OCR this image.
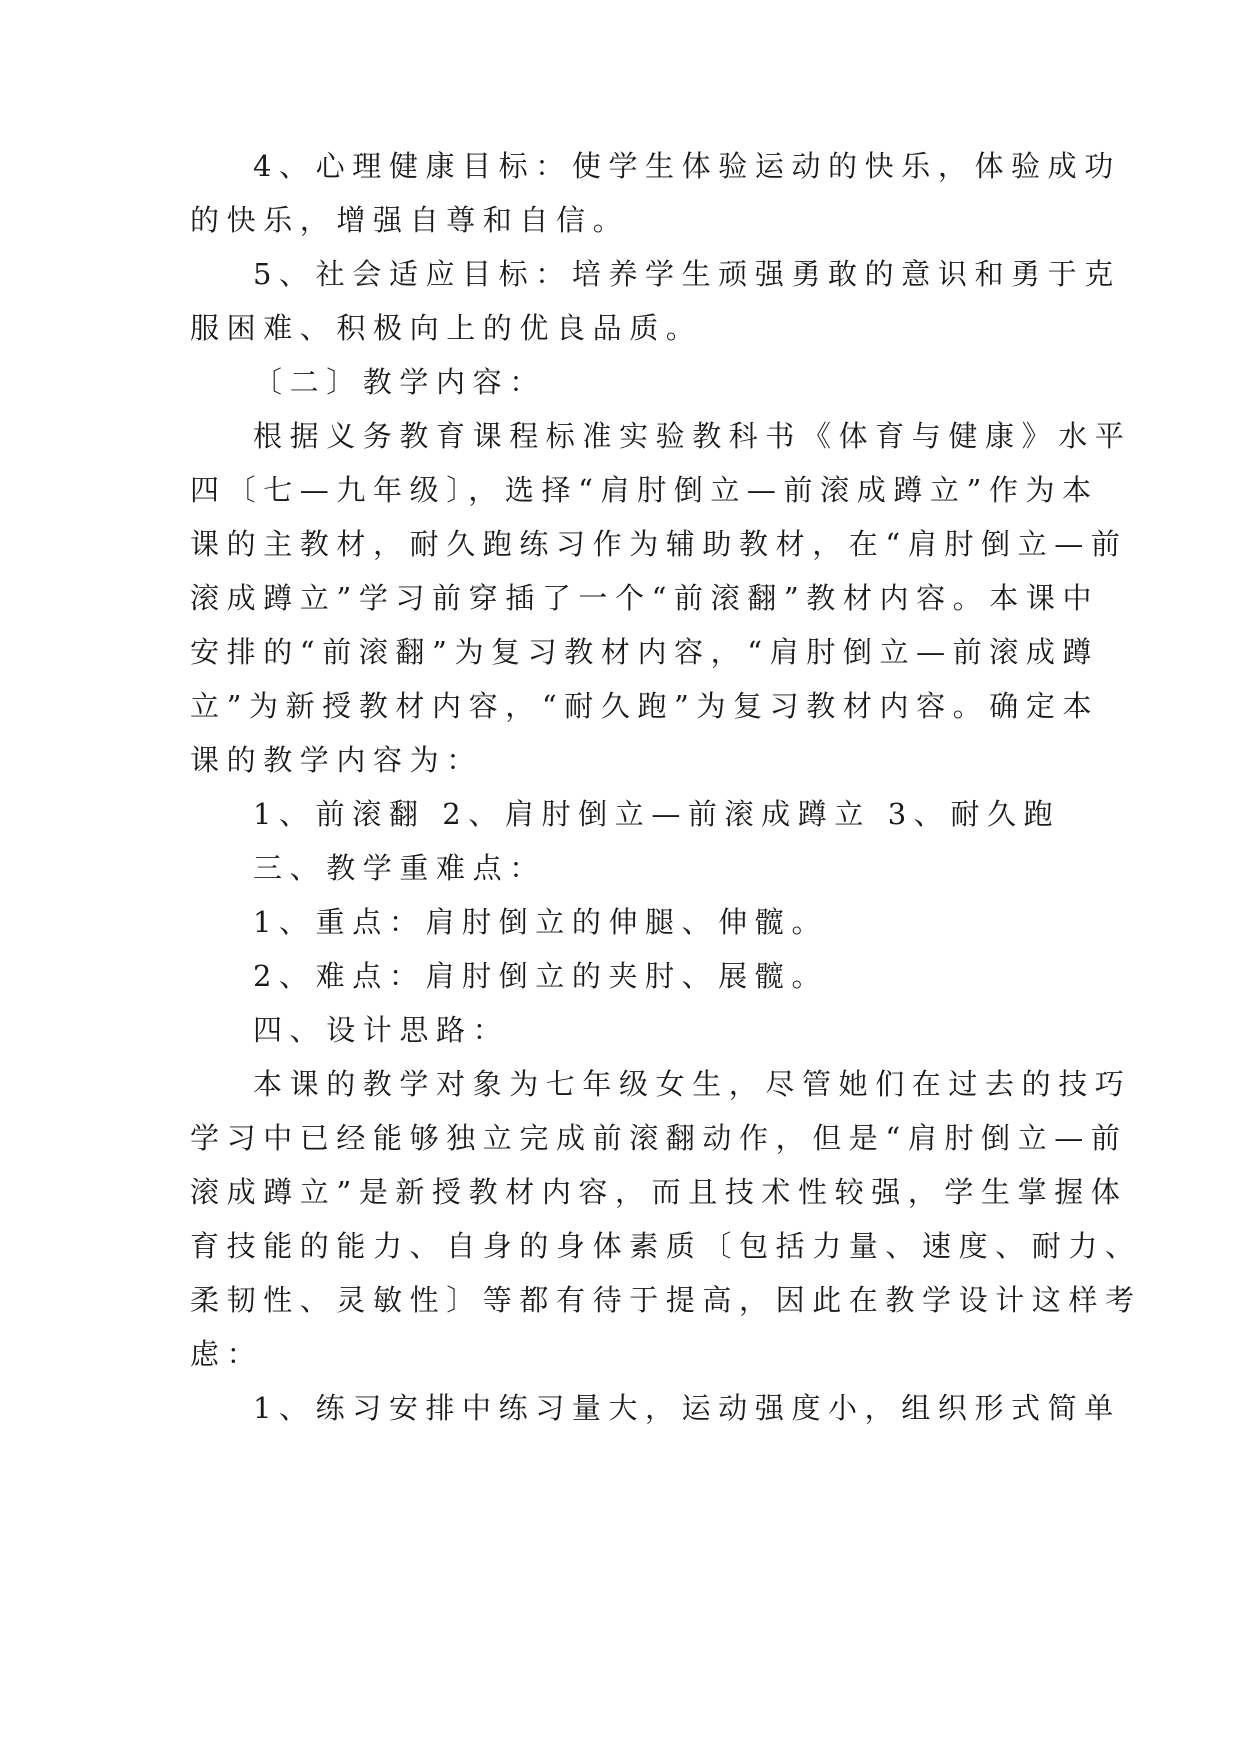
4、心理健康目标：使学生体验运动的快乐，体验成功
的快乐，增强自尊和自信。
5、社会适应目标：培养学生顽强勇敢的意识和勇于克
服困难、积极向上的优良品质。
〔二〕教学内容：
根据义务教育课程标准实验教科书《体育与健康》水平
四〔七—九年级〕，选择“肩肘倒立—前滚成蹲立”作为本
课的主教材，耐久跑练习作为辅助教材，在“肩肘倒立—前
滚成蹲立”学习前穿插了一个“前滚翻”教材内容。本课中
安排的“前滚翻”为复习教材内容，“肩肘倒立—前滚成蹲
立”为新授教材内容，“耐久跑”为复习教材内容。确定本
课的教学内容为：
1、前滚翻 2、肩肘倒立—前滚成蹲立 3、耐久跑
三、教学重难点：
1、重点：肩肘倒立的伸腿、伸髋。
2、难点：肩肘倒立的夹肘、展髋。
四、设计思路：
本课的教学对象为七年级女生，尽管她们在过去的技巧
学习中已经能够独立完成前滚翻动作，但是“肩肘倒立—前
滚成蹲立”是新授教材内容，而且技术性较强，学生掌握体
育技能的能力、自身的身体素质〔包括力量、速度、耐力、
柔韧性、灵敏性〕等都有待于提高，因此在教学设计这样考
虑：
1、练习安排中练习量大，运动强度小，组织形式简单
